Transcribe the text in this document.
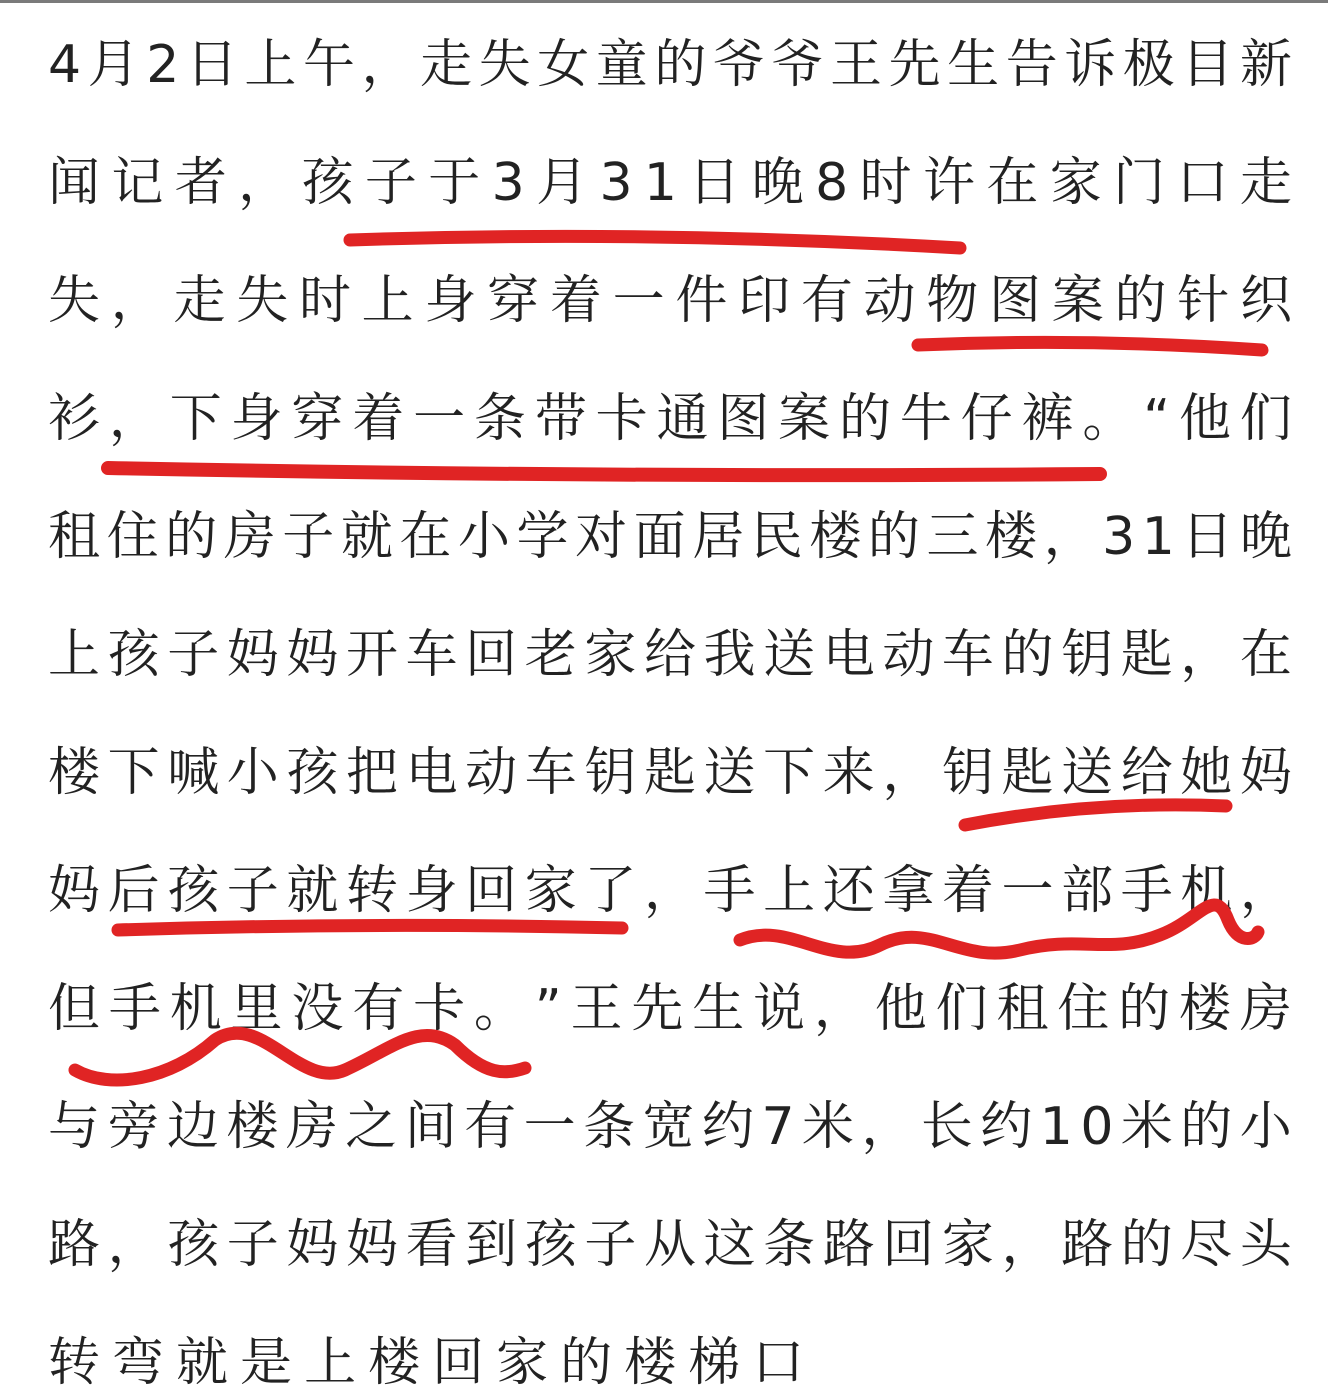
4 月 2 日 上 午 ， 走 失 女 童 的 爷 爷 王 先 生 告 诉 极 目 新
闻 记 者 ， 孩 子 于 3 月 3 1 日 晚 8 时 许 在 家 门 口 走
失 ， 走 失 时 上 身 穿 着 一 件 印 有 动 物 图 案 的 针 织
衫 ， 下 身 穿 着 一 条 带 卡 通 图 案 的 牛 仔 裤 。 “ 他 们
租 住 的 房 子 就 在 小 学 对 面 居 民 楼 的 三 楼 ， 3 1 日 晚
上 孩 子 妈 妈 开 车 回 老 家 给 我 送 电 动 车 的 钥 匙 ， 在
楼 下 喊 小 孩 把 电 动 车 钥 匙 送 下 来 ， 钥 匙 送 给 她 妈
妈 后 孩 子 就 转 身 回 家 了 ， 手 上 还 拿 着 一 部 手 机 ，
但 手 机 里 没 有 卡 。 ” 王 先 生 说 ， 他 们 租 住 的 楼 房
与 旁 边 楼 房 之 间 有 一 条 宽 约 7 米 ， 长 约 1 0 米 的 小
路 ， 孩 子 妈 妈 看 到 孩 子 从 这 条 路 回 家 ， 路 的 尽 头
转 弯 就 是 上 楼 回 家 的 楼 梯 口
